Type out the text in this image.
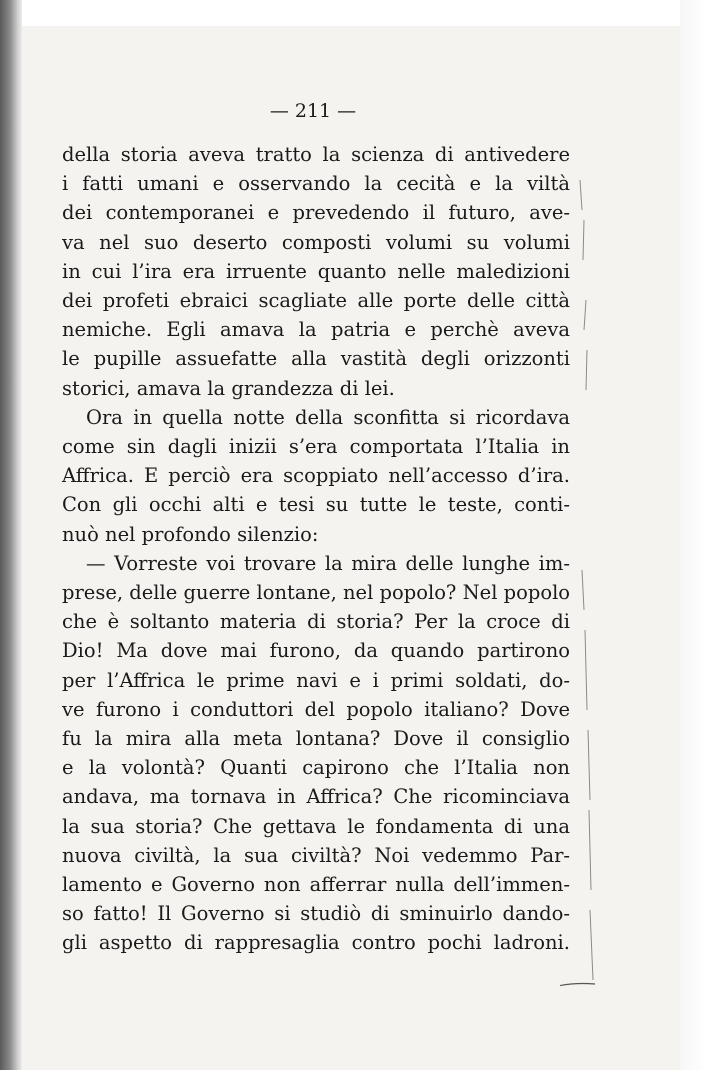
— 211 —
della storia aveva tratto la scienza di antivedere
i fatti umani e osservando la cecità e la viltà
dei contemporanei e prevedendo il futuro, ave-
va nel suo deserto composti volumi su volumi
in cui l’ira era irruente quanto nelle maledizioni
dei profeti ebraici scagliate alle porte delle città
nemiche. Egli amava la patria e perchè aveva
le pupille assuefatte alla vastità degli orizzonti
storici, amava la grandezza di lei.
Ora in quella notte della sconfitta si ricordava
come sin dagli inizii s’era comportata l’Italia in
Affrica. E perciò era scoppiato nell’accesso d’ira.
Con gli occhi alti e tesi su tutte le teste, conti-
nuò nel profondo silenzio:
— Vorreste voi trovare la mira delle lunghe im-
prese, delle guerre lontane, nel popolo? Nel popolo
che è soltanto materia di storia? Per la croce di
Dio! Ma dove mai furono, da quando partirono
per l’Affrica le prime navi e i primi soldati, do-
ve furono i conduttori del popolo italiano? Dove
fu la mira alla meta lontana? Dove il consiglio
e la volontà? Quanti capirono che l’Italia non
andava, ma tornava in Affrica? Che ricominciava
la sua storia? Che gettava le fondamenta di una
nuova civiltà, la sua civiltà? Noi vedemmo Par-
lamento e Governo non afferrar nulla dell’immen-
so fatto! Il Governo si studiò di sminuirlo dando-
gli aspetto di rappresaglia contro pochi ladroni.
